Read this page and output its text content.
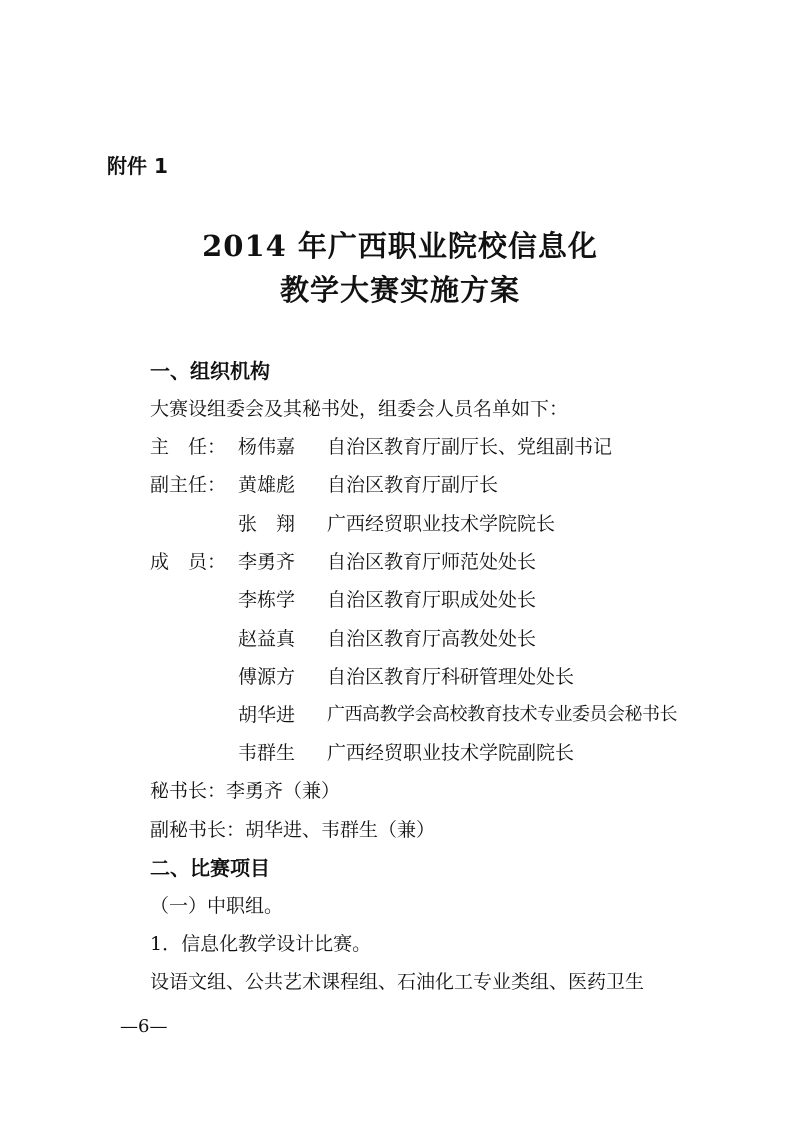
附件 1
2014 年广西职业院校信息化
教学大赛实施方案
一、组织机构
大赛设组委会及其秘书处，组委会人员名单如下：
主　任： 杨伟嘉	自治区教育厅副厅长、党组副书记
副主任： 黄雄彪	自治区教育厅副厅长
张　翔	广西经贸职业技术学院院长
成　员： 李勇齐	自治区教育厅师范处处长
李栋学	自治区教育厅职成处处长
赵益真	自治区教育厅高教处处长
傅源方	自治区教育厅科研管理处处长
胡华进	广西高教学会高校教育技术专业委员会秘书长
韦群生	广西经贸职业技术学院副院长
秘书长：李勇齐（兼）
副秘书长：胡华进、韦群生（兼）
二、比赛项目
（一）中职组。
1．信息化教学设计比赛。
设语文组、公共艺术课程组、石油化工专业类组、医药卫生
—6—
